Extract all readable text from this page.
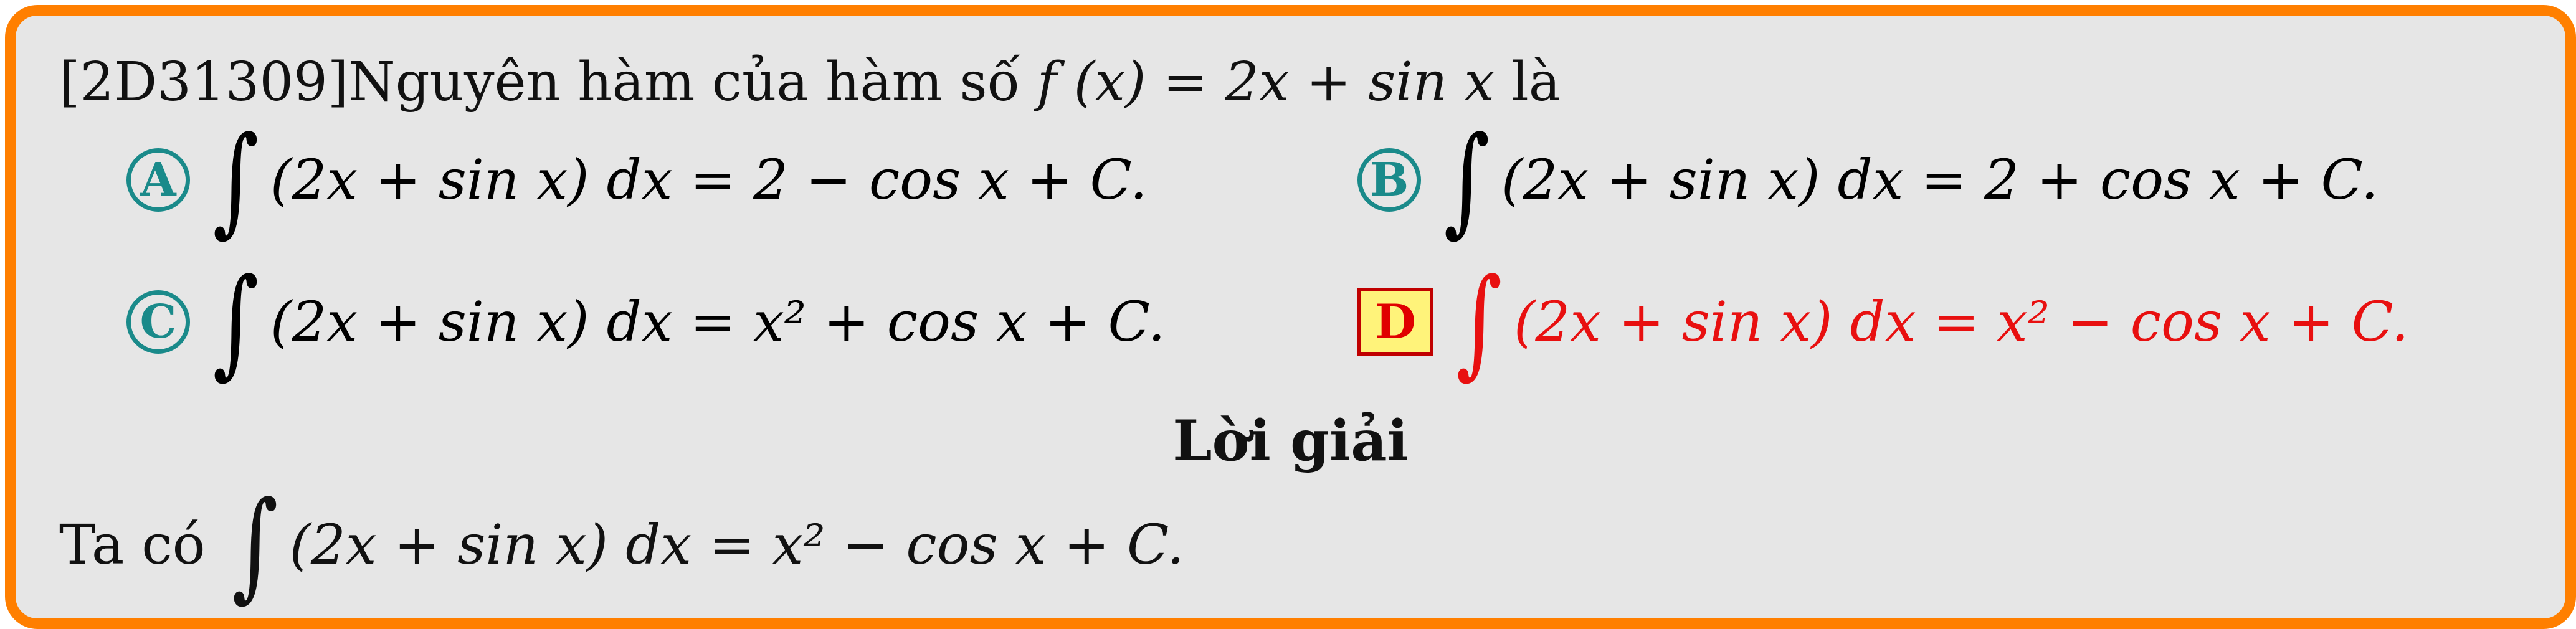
[2D31309]Nguyên hàm của hàm số f (x) = 2x + sin x là
A ∫ (2x + sin x) dx = 2 − cos x + C.	B ∫ (2x + sin x) dx = 2 + cos x + C.
C ∫ (2x + sin x) dx = x² + cos x + C.	D ∫ (2x + sin x) dx = x² − cos x + C.
Lời giải
Ta có ∫ (2x + sin x) dx = x² − cos x + C.
